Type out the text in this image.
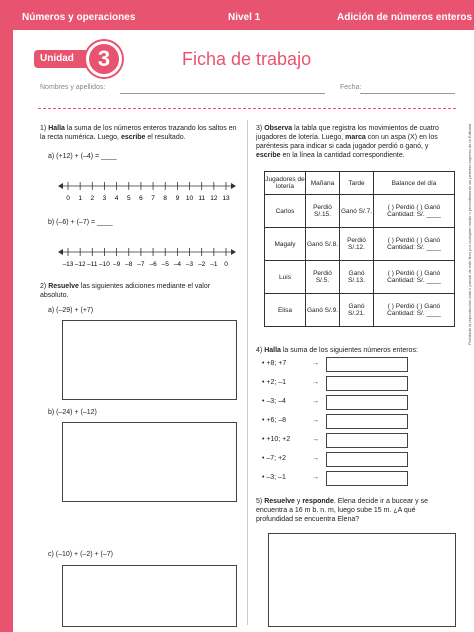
Números y operaciones	Nivel 1	Adición de números enteros
Unidad	3	Ficha de trabajo
Nombres y apellidos:	Fecha:
1) Halla la suma de los números enteros trazando los saltos en la recta numérica. Luego, escribe el resultado.
a) (+12) + (–4) = ____
0 1 2 3 4 5 6 7 8 9 10 11 12 13
b) (–6) + (–7) = ____
–13 –12 –11 –10 –9 –8 –7 –6 –5 –4 –3 –2 –1 0
2) Resuelve las siguientes adiciones mediante el valor absoluto.
a) (–29) + (+7)
b) (–24) + (–12)
c) (–10) + (–2) + (–7)
3) Observa la tabla que registra los movimientos de cuatro jugadores de lotería. Luego, marca con un aspa (X) en los paréntesis para indicar si cada jugador perdió o ganó, y escribe en la línea la cantidad correspondiente.
Jugadores de lotería	Mañana	Tarde	Balance del día
Carlos	Perdió S/.15.	Ganó S/.7.	( ) Perdió ( ) Ganó Cantidad: S/. ____
Magaly	Ganó S/.8.	Perdió S/.12.	( ) Perdió ( ) Ganó Cantidad: S/. ____
Luis	Perdió S/.5.	Ganó S/.13.	( ) Perdió ( ) Ganó Cantidad: S/. ____
Elisa	Ganó S/.9.	Ganó S/.21.	( ) Perdió ( ) Ganó Cantidad: S/. ____
4) Halla la suma de los siguientes números enteros:
• +8; +7	→
• +2; –1	→
• –3; –4	→
• +6; –8	→
• +10; +2	→
• –7; +2	→
• –3; –1	→
5) Resuelve y responde. Elena decide ir a bucear y se encuentra a 16 m b. n. m, luego sube 15 m. ¿A qué profundidad se encuentra Elena?
Prohibida la reproducción total o parcial de este libro por cualquier medio o procedimiento sin permiso expreso de la Editorial.
